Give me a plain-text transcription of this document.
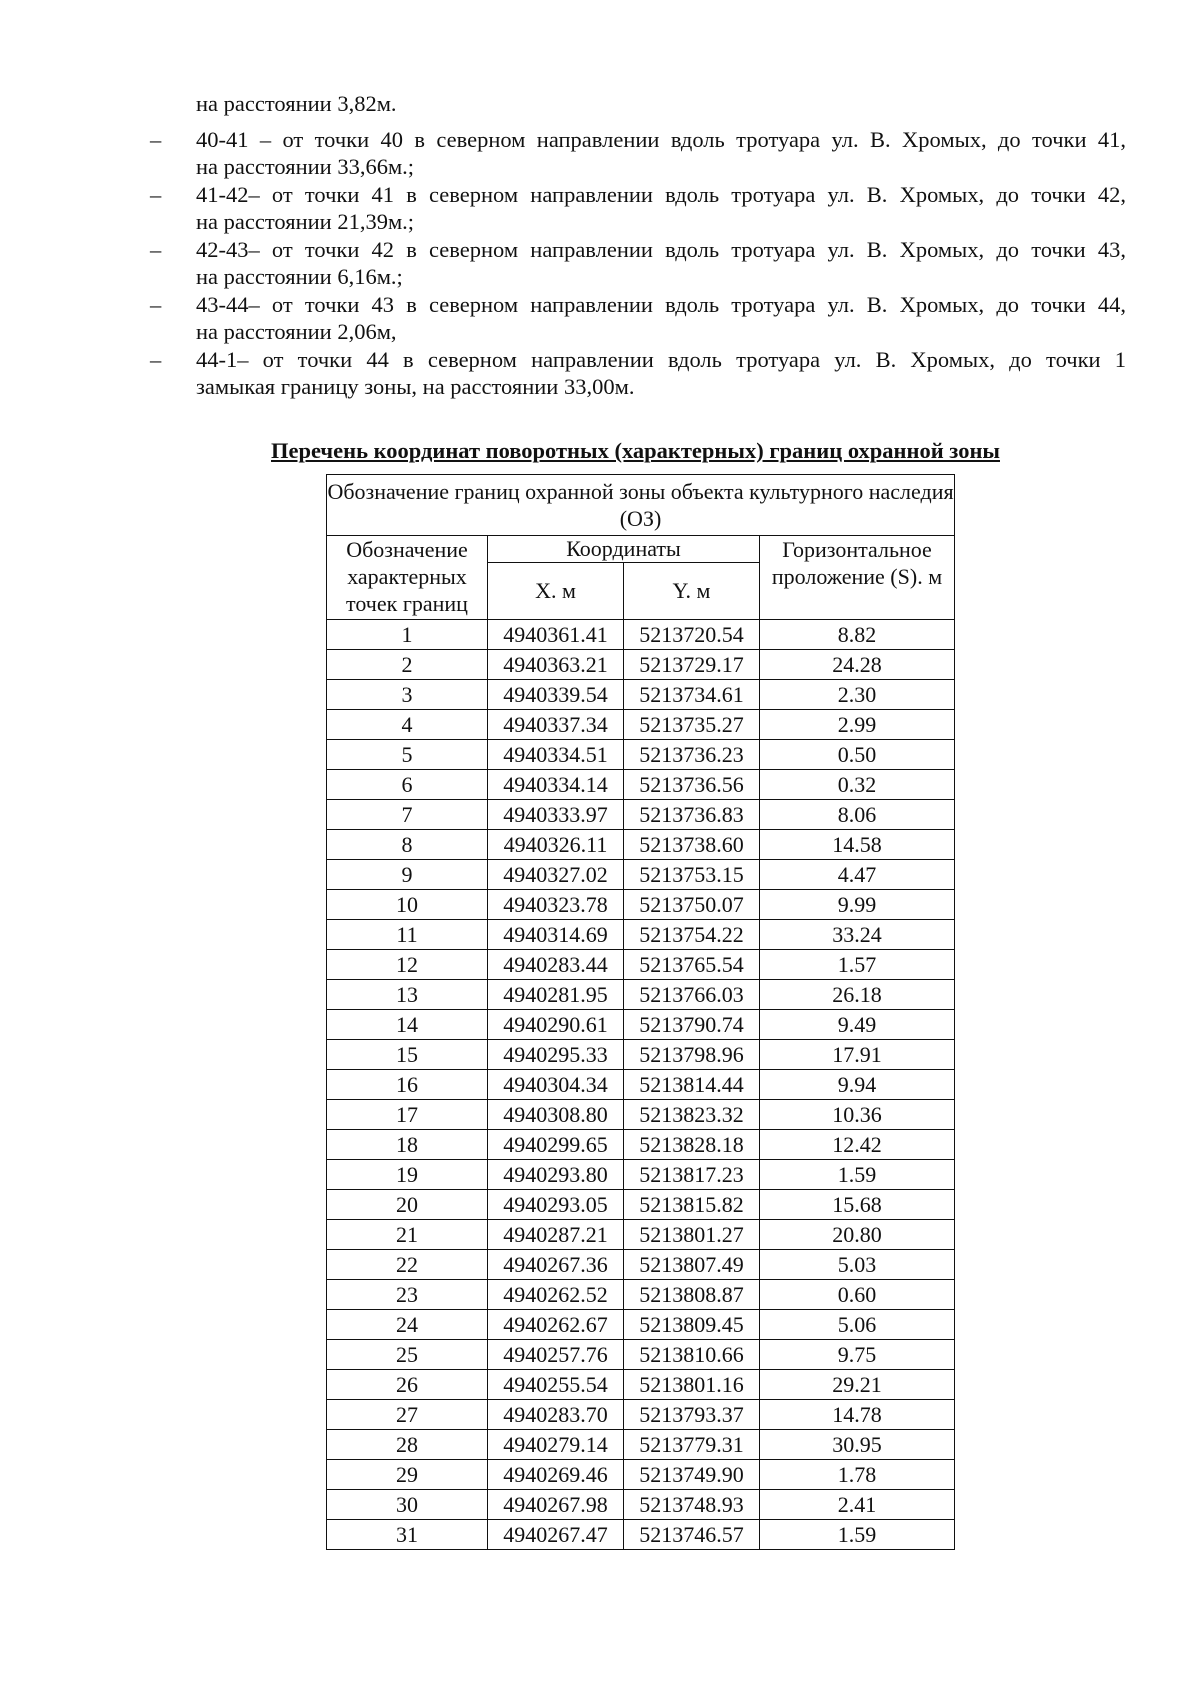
на расстоянии 3,82м.
– 40-41 – от точки 40 в северном направлении вдоль тротуара ул. В. Хромых, до точки 41,
на расстоянии 33,66м.;
– 41-42– от точки 41 в северном направлении вдоль тротуара ул. В. Хромых, до точки 42,
на расстоянии 21,39м.;
– 42-43– от точки 42 в северном направлении вдоль тротуара ул. В. Хромых, до точки 43,
на расстоянии 6,16м.;
– 43-44– от точки 43 в северном направлении вдоль тротуара ул. В. Хромых, до точки 44,
на расстоянии 2,06м,
– 44-1– от точки 44 в северном направлении вдоль тротуара ул. В. Хромых, до точки 1
замыкая границу зоны, на расстоянии 33,00м.
Перечень координат поворотных (характерных) границ охранной зоны
Обозначение границ охранной зоны объекта культурного наследия (ОЗ)			
Обозначение характерных точек границ	Координаты		Горизонтальное проложение (S). м
	X. м	Y. м	
1	4940361.41	5213720.54	8.82
2	4940363.21	5213729.17	24.28
3	4940339.54	5213734.61	2.30
4	4940337.34	5213735.27	2.99
5	4940334.51	5213736.23	0.50
6	4940334.14	5213736.56	0.32
7	4940333.97	5213736.83	8.06
8	4940326.11	5213738.60	14.58
9	4940327.02	5213753.15	4.47
10	4940323.78	5213750.07	9.99
11	4940314.69	5213754.22	33.24
12	4940283.44	5213765.54	1.57
13	4940281.95	5213766.03	26.18
14	4940290.61	5213790.74	9.49
15	4940295.33	5213798.96	17.91
16	4940304.34	5213814.44	9.94
17	4940308.80	5213823.32	10.36
18	4940299.65	5213828.18	12.42
19	4940293.80	5213817.23	1.59
20	4940293.05	5213815.82	15.68
21	4940287.21	5213801.27	20.80
22	4940267.36	5213807.49	5.03
23	4940262.52	5213808.87	0.60
24	4940262.67	5213809.45	5.06
25	4940257.76	5213810.66	9.75
26	4940255.54	5213801.16	29.21
27	4940283.70	5213793.37	14.78
28	4940279.14	5213779.31	30.95
29	4940269.46	5213749.90	1.78
30	4940267.98	5213748.93	2.41
31	4940267.47	5213746.57	1.59
